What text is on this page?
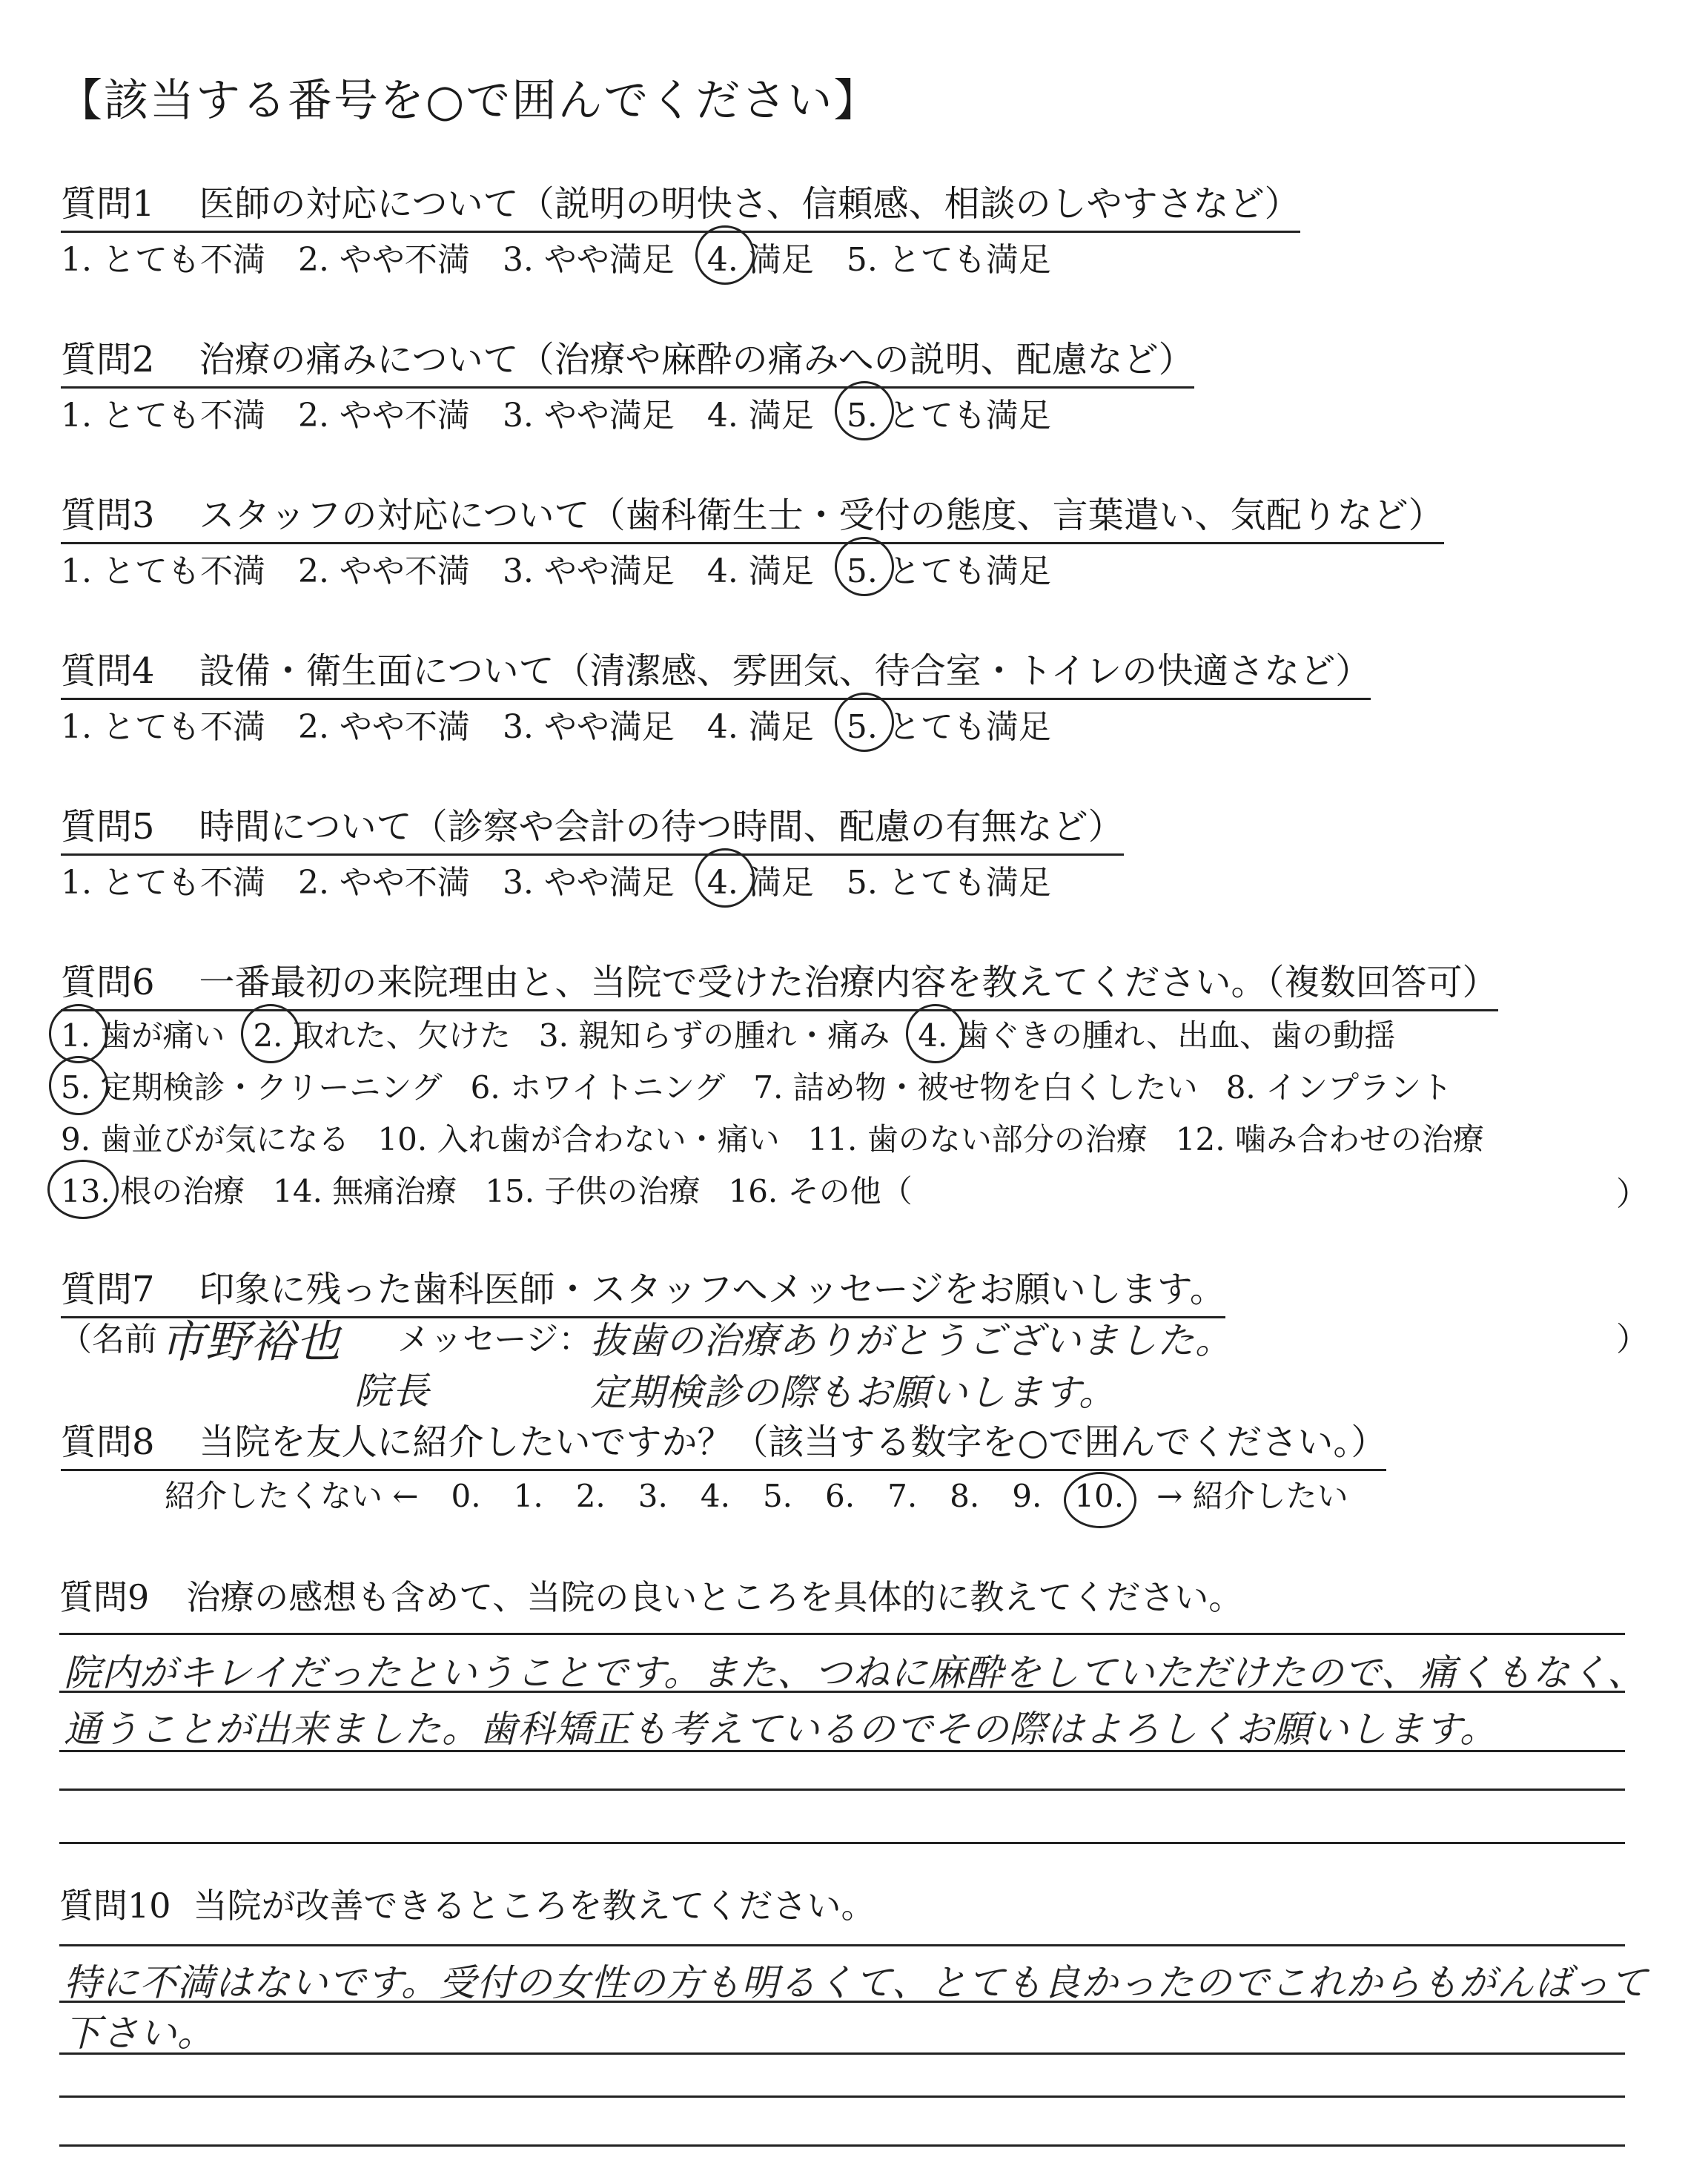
【該当する番号を○で囲んでください】
質問1 医師の対応について（説明の明快さ、信頼感、相談のしやすさなど）
1. とても不満 2. やや不満 3. やや満足 4. 満足 5. とても満足
質問2 治療の痛みについて（治療や麻酔の痛みへの説明、配慮など）
1. とても不満 2. やや不満 3. やや満足 4. 満足 5. とても満足
質問3 スタッフの対応について（歯科衛生士・受付の態度、言葉遣い、気配りなど）
1. とても不満 2. やや不満 3. やや満足 4. 満足 5. とても満足
質問4 設備・衛生面について（清潔感、雰囲気、待合室・トイレの快適さなど）
1. とても不満 2. やや不満 3. やや満足 4. 満足 5. とても満足
質問5 時間について（診察や会計の待つ時間、配慮の有無など）
1. とても不満 2. やや不満 3. やや満足 4. 満足 5. とても満足
質問6 一番最初の来院理由と、当院で受けた治療内容を教えてください。（複数回答可）
1. 歯が痛い 2. 取れた、欠けた 3. 親知らずの腫れ・痛み 4. 歯ぐきの腫れ、出血、歯の動揺
5. 定期検診・クリーニング 6. ホワイトニング 7. 詰め物・被せ物を白くしたい 8. インプラント
9. 歯並びが気になる 10. 入れ歯が合わない・痛い 11. 歯のない部分の治療 12. 噛み合わせの治療
13. 根の治療 14. 無痛治療 15. 子供の治療 16. その他（	）
質問7 印象に残った歯科医師・スタッフへメッセージをお願いします。
（名前 市野裕也
院長
メッセージ：
抜歯の治療ありがとうございました。
定期検診の際もお願いします。
）
質問8 当院を友人に紹介したいですか？（該当する数字を○で囲んでください。）
紹介したくない ← 0. 1. 2. 3. 4. 5. 6. 7. 8. 9. 10. → 紹介したい
質問9 治療の感想も含めて、当院の良いところを具体的に教えてください。
院内がキレイだったということです。また、つねに麻酔をしていただけたので、痛くもなく、
通うことが出来ました。歯科矯正も考えているのでその際はよろしくお願いします。
質問10 当院が改善できるところを教えてください。
特に不満はないです。受付の女性の方も明るくて、とても良かったのでこれからもがんばって
下さい。
